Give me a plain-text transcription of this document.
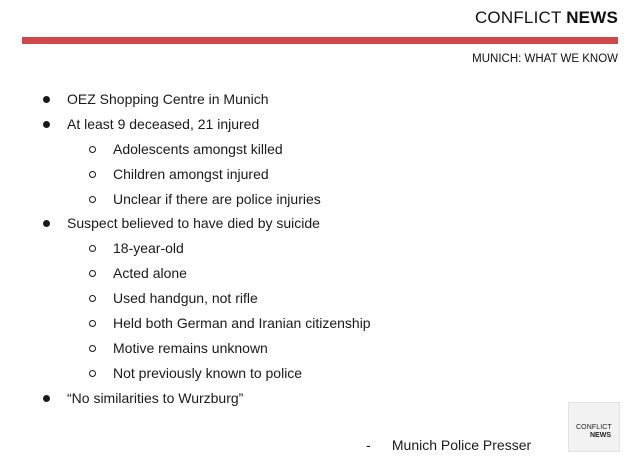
CONFLICT NEWS
MUNICH: WHAT WE KNOW
OEZ Shopping Centre in Munich
At least 9 deceased, 21 injured
Adolescents amongst killed
Children amongst injured
Unclear if there are police injuries
Suspect believed to have died by suicide
18-year-old
Acted alone
Used handgun, not rifle
Held both German and Iranian citizenship
Motive remains unknown
Not previously known to police
“No similarities to Wurzburg”
CONFLICT
NEWS
- Munich Police Presser
